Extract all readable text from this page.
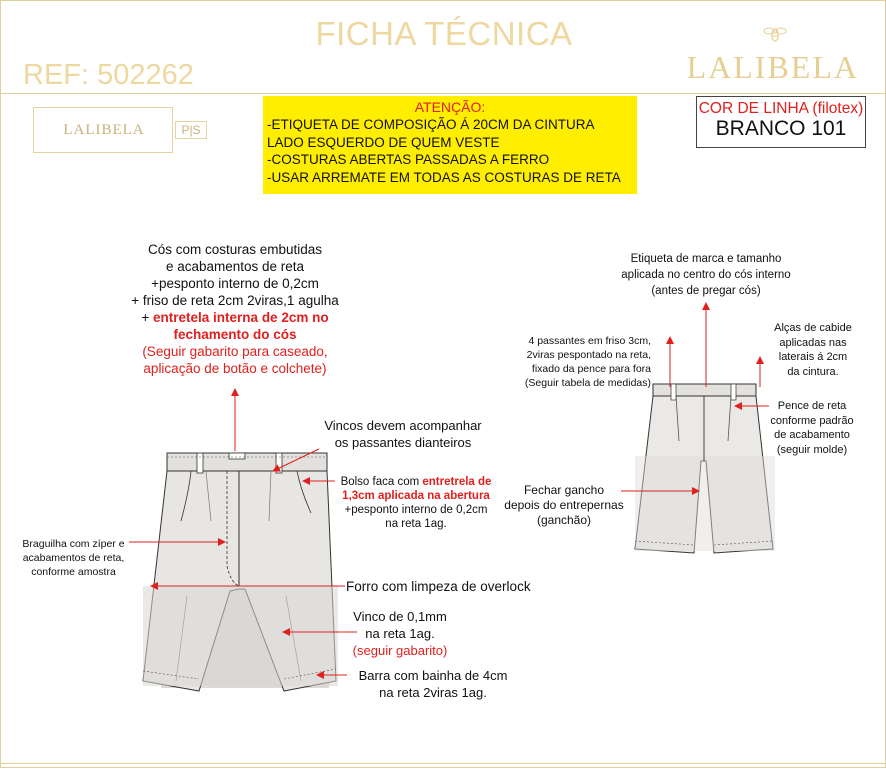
FICHA TÉCNICA
REF: 502262	LALIBELA
LALIBELA	P|S
ATENÇÃO:
-ETIQUETA DE COMPOSIÇÃO Á 20CM DA CINTURA
LADO ESQUERDO DE QUEM VESTE
-COSTURAS ABERTAS PASSADAS A FERRO
-USAR ARREMATE EM TODAS AS COSTURAS DE RETA
COR DE LINHA (filotex)
BRANCO 101
Cós com costuras embutidas
e acabamentos de reta
+pesponto interno de 0,2cm
+ friso de reta 2cm 2viras,1 agulha
+ entretela interna de 2cm no
fechamento do cós
(Seguir gabarito para caseado,
aplicação de botão e colchete)
Vincos devem acompanhar
os passantes dianteiros
Bolso faca com entretrela de
1,3cm aplicada na abertura
+pesponto interno de 0,2cm
na reta 1ag.
Braguilha com zíper e
acabamentos de reta,
conforme amostra
Forro com limpeza de overlock
Vinco de 0,1mm
na reta 1ag.
(seguir gabarito)
Barra com bainha de 4cm
na reta 2viras 1ag.
Etiqueta de marca e tamanho
aplicada no centro do cós interno
(antes de pregar cós)
4 passantes em friso 3cm,
2viras pespontado na reta,
fixado da pence para fora
(Seguir tabela de medidas)
Alças de cabide
aplicadas nas
laterais á 2cm
da cintura.
Pence de reta
conforme padrão
de acabamento
(seguir molde)
Fechar gancho
depois do entrepernas
(ganchão)
